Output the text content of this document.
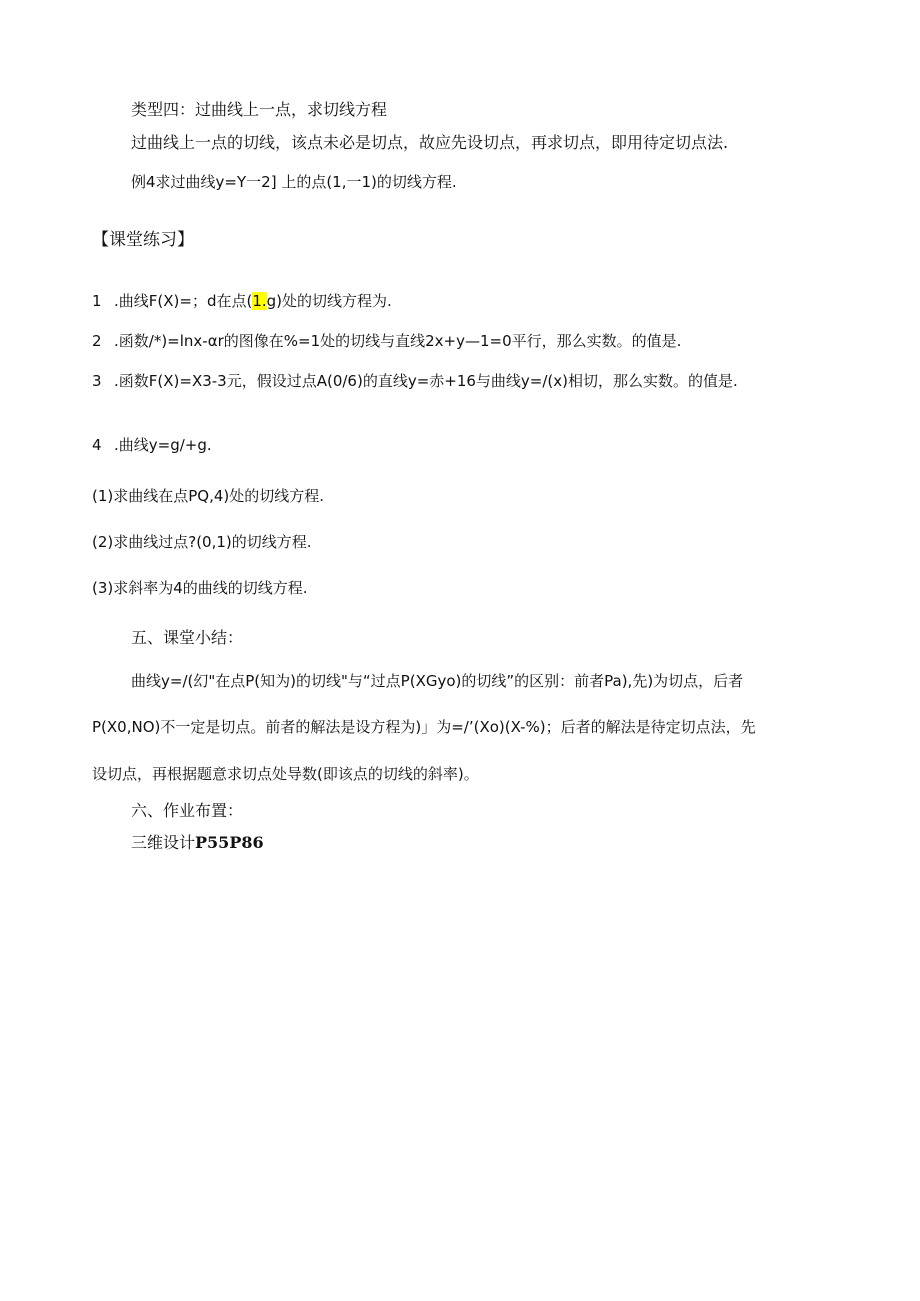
类型四：过曲线上一点，求切线方程
过曲线上一点的切线，该点未必是切点，故应先设切点，再求切点，即用待定切点法.
例4求过曲线y=Y一2] 上的点(1,一1)的切线方程.
【课堂练习】
1 .曲线F(X)=；d在点(1.g)处的切线方程为.
2 .函数/*)=lnx-αr的图像在%=1处的切线与直线2x+y—1=0平行，那么实数。的值是.
3 .函数F(X)=X3-3元，假设过点A(0/6)的直线y=赤+16与曲线y=/(x)相切，那么实数。的值是.
4 .曲线y=g∕+g.
(1)求曲线在点PQ,4)处的切线方程.
(2)求曲线过点?(0,1)的切线方程.
(3)求斜率为4的曲线的切线方程.
五、课堂小结：
曲线y=/(幻"在点P(知为)的切线"与“过点P(XGyo)的切线”的区别：前者Pa),先)为切点，后者
P(X0,NO)不一定是切点。前者的解法是设方程为)」为=/’(Xo)(X-%)；后者的解法是待定切点法，先
设切点，再根据题意求切点处导数(即该点的切线的斜率)。
六、作业布置：
三维设计P55P86
